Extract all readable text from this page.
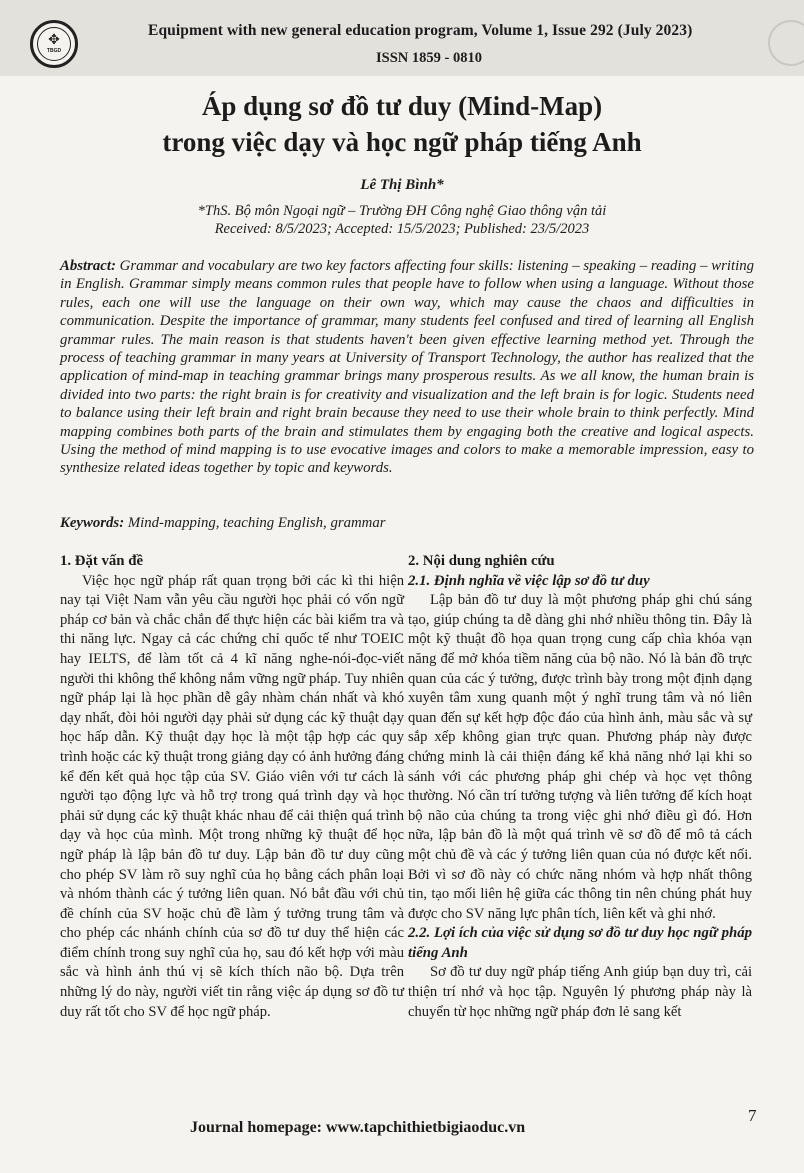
✥
TBGD
Equipment with new general education program, Volume 1, Issue 292 (July 2023)
ISSN 1859 - 0810
Áp dụng sơ đồ tư duy (Mind-Map)
trong việc dạy và học ngữ pháp tiếng Anh
Lê Thị Bình*
*ThS. Bộ môn Ngoại ngữ – Trường ĐH Công nghệ Giao thông vận tải
Received: 8/5/2023; Accepted: 15/5/2023; Published: 23/5/2023
Abstract: Grammar and vocabulary are two key factors affecting four skills: listening – speaking – reading – writing in English. Grammar simply means common rules that people have to follow when using a language. Without those rules, each one will use the language on their own way, which may cause the chaos and difficulties in communication. Despite the importance of grammar, many students feel confused and tired of learning all English grammar rules. The main reason is that students haven't been given effective learning method yet. Through the process of teaching grammar in many years at University of Transport Technology, the author has realized that the application of mind-map in teaching grammar brings many prosperous results. As we all know, the human brain is divided into two parts: the right brain is for creativity and visualization and the left brain is for logic. Students need to balance using their left brain and right brain because they need to use their whole brain to think perfectly. Mind mapping combines both parts of the brain and stimulates them by engaging both the creative and logical aspects. Using the method of mind mapping is to use evocative images and colors to make a memorable impression, easy to synthesize related ideas together by topic and keywords.
Keywords: Mind-mapping, teaching English, grammar
1. Đặt vấn đề

Việc học ngữ pháp rất quan trọng bởi các kì thi hiện nay tại Việt Nam vẫn yêu cầu người học phải có vốn ngữ pháp cơ bản và chắc chắn để thực hiện các bài kiểm tra và thi năng lực. Ngay cả các chứng chỉ quốc tế như TOEIC hay IELTS, để làm tốt cả 4 kĩ năng nghe-nói-đọc-viết người thi không thể không nắm vững ngữ pháp. Tuy nhiên ngữ pháp lại là học phần dễ gây nhàm chán nhất và khó dạy nhất, đòi hỏi người dạy phải sử dụng các kỹ thuật dạy học hấp dẫn. Kỹ thuật dạy học là một tập hợp các quy trình hoặc các kỹ thuật trong giảng dạy có ảnh hưởng đáng kể đến kết quả học tập của SV. Giáo viên với tư cách là người tạo động lực và hỗ trợ trong quá trình dạy và học phải sử dụng các kỹ thuật khác nhau để cải thiện quá trình dạy và học của mình. Một trong những kỹ thuật để học ngữ pháp là lập bản đồ tư duy. Lập bản đồ tư duy cũng cho phép SV làm rõ suy nghĩ của họ bằng cách phân loại và nhóm thành các ý tưởng liên quan. Nó bắt đầu với chủ đề chính của SV hoặc chủ đề làm ý tưởng trung tâm và cho phép các nhánh chính của sơ đồ tư duy thể hiện các điểm chính trong suy nghĩ của họ, sau đó kết hợp với màu sắc và hình ảnh thú vị sẽ kích thích não bộ. Dựa trên những lý do này, người viết tin rằng việc áp dụng sơ đồ tư duy rất tốt cho SV để học ngữ pháp.

2. Nội dung nghiên cứu
2.1. Định nghĩa về việc lập sơ đồ tư duy

Lập bản đồ tư duy là một phương pháp ghi chú sáng tạo, giúp chúng ta dễ dàng ghi nhớ nhiều thông tin. Đây là một kỹ thuật đồ họa quan trọng cung cấp chìa khóa vạn năng để mở khóa tiềm năng của bộ não. Nó là bản đồ trực quan của các ý tưởng, được trình bày trong một định dạng xuyên tâm xung quanh một ý nghĩ trung tâm và nó liên quan đến sự kết hợp độc đáo của hình ảnh, màu sắc và sự sắp xếp không gian trực quan. Phương pháp này được chứng minh là cải thiện đáng kể khả năng nhớ lại khi so sánh với các phương pháp ghi chép và học vẹt thông thường. Nó cần trí tưởng tượng và liên tưởng để kích hoạt bộ não của chúng ta trong việc ghi nhớ điều gì đó. Hơn nữa, lập bản đồ là một quá trình vẽ sơ đồ để mô tả cách một chủ đề và các ý tưởng liên quan của nó được kết nối. Bởi vì sơ đồ này có chức năng nhóm và hợp nhất thông tin, tạo mối liên hệ giữa các thông tin nên chúng phát huy được cho SV năng lực phân tích, liên kết và ghi nhớ.

2.2. Lợi ích của việc sử dụng sơ đồ tư duy học ngữ pháp tiếng Anh

Sơ đồ tư duy ngữ pháp tiếng Anh giúp bạn duy trì, cải thiện trí nhớ và học tập. Nguyên lý phương pháp này là chuyển từ học những ngữ pháp đơn lẻ sang kết

Journal homepage: www.tapchithietbigiaoduc.vn
7
